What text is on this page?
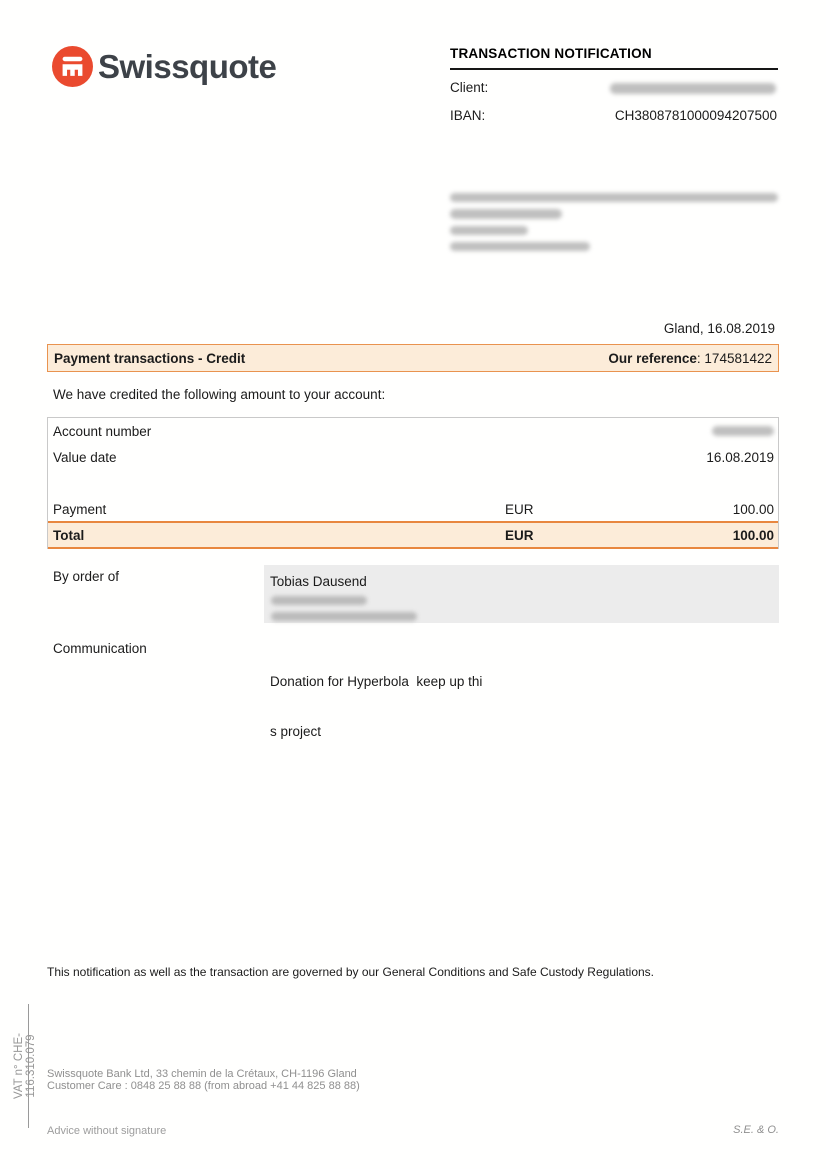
Swissquote	TRANSACTION NOTIFICATION
Client:
IBAN:	CH3808781000094207500
Gland, 16.08.2019
Payment transactions - Credit	Our reference: 174581422
We have credited the following amount to your account:
Account number
Value date	16.08.2019
Payment	EUR	100.00
Total	EUR	100.00
By order of	Tobias Dausend
Communication

Donation for Hyperbola  keep up thi

s project

This notification as well as the transaction are governed by our General Conditions and Safe Custody Regulations.
VAT n° CHE-116.310.079 Swissquote Bank Ltd, 33 chemin de la Crétaux, CH-1196 Gland
Customer Care : 0848 25 88 88 (from abroad +41 44 825 88 88)
Advice without signature	S.E. & O.
